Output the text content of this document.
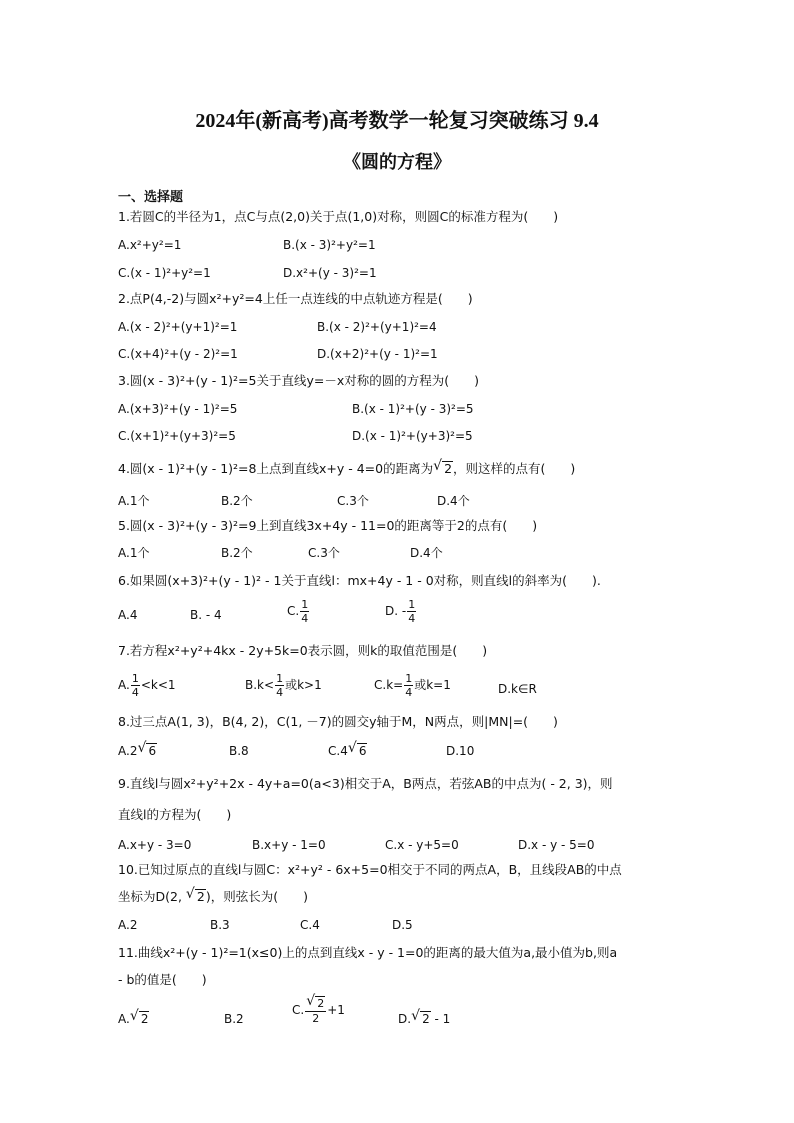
2024年(新高考)高考数学一轮复习突破练习 9.4
《圆的方程》
一、选择题
1.若圆C的半径为1，点C与点(2,0)关于点(1,0)对称，则圆C的标准方程为(　　)
A.x²+y²=1	B.(x - 3)²+y²=1
C.(x - 1)²+y²=1	D.x²+(y - 3)²=1
2.点P(4,-2)与圆x²+y²=4上任一点连线的中点轨迹方程是(　　)
A.(x - 2)²+(y+1)²=1	B.(x - 2)²+(y+1)²=4
C.(x+4)²+(y - 2)²=1	D.(x+2)²+(y - 1)²=1
3.圆(x - 3)²+(y - 1)²=5关于直线y=－x对称的圆的方程为(　　)
A.(x+3)²+(y - 1)²=5	B.(x - 1)²+(y - 3)²=5
C.(x+1)²+(y+3)²=5	D.(x - 1)²+(y+3)²=5
4.圆(x - 1)²+(y - 1)²=8上点到直线x+y - 4=0的距离为 √ 2，则这样的点有(　　)
A.1个	B.2个	C.3个	D.4个
5.圆(x - 3)²+(y - 3)²=9上到直线3x+4y - 11=0的距离等于2的点有(　　)
A.1个	B.2个	C.3个	D.4个
6.如果圆(x+3)²+(y - 1)² - 1关于直线l：mx+4y - 1 - 0对称，则直线l的斜率为(　　).
A.4	B. - 4	C. $\frac{1}{4}$	D. - $\frac{1}{4}$
7.若方程x²+y²+4kx - 2y+5k=0表示圆，则k的取值范围是(　　)
A. $\frac{1}{4} <k<1$	$B.k< \frac{1}{4}$ 或k>1	$C.k= \frac{1}{4}$ 或k=1	D.k∈R
8.过三点A(1, 3)，B(4, 2)，C(1, －7)的圆交y轴于M，N两点，则|MN|=(　　)
A.2 √ 6	B.8	C.4 √ 6	D.10
9.直线l与圆x²+y²+2x - 4y+a=0(a<3)相交于A，B两点，若弦AB的中点为( - 2, 3)，则
直线l的方程为(　　)
A.x+y - 3=0	B.x+y - 1=0	C.x - y+5=0	D.x - y - 5=0
10.已知过原点的直线l与圆C：x²+y² - 6x+5=0相交于不同的两点A，B，且线段AB的中点
坐标为D(2, √ 2)，则弦长为(　　)
A.2	B.3	C.4	D.5
11.曲线x²+(y - 1)²=1(x≤0)上的点到直线x - y - 1=0的距离的最大值为a,最小值为b,则a
- b的值是(　　)
A. √ 2	B.2
C. √ $\frac{2}{2} +1$
D. √ 2 - 1
